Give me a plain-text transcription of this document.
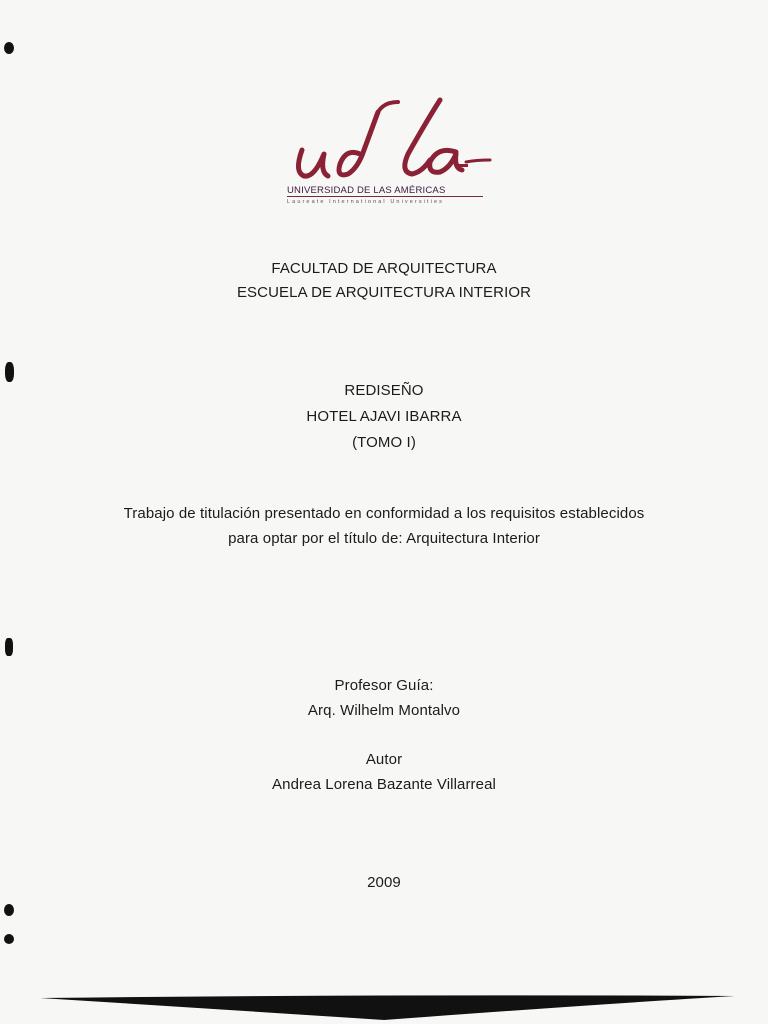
UNIVERSIDAD DE LAS AMÉRICAS
Laureate International Universities
FACULTAD DE ARQUITECTURA
ESCUELA DE ARQUITECTURA INTERIOR
REDISEÑO
HOTEL AJAVI IBARRA
(TOMO I)
Trabajo de titulación presentado en conformidad a los requisitos establecidos
para optar por el título de: Arquitectura Interior
Profesor Guía:
Arq. Wilhelm Montalvo
Autor
Andrea Lorena Bazante Villarreal
2009
